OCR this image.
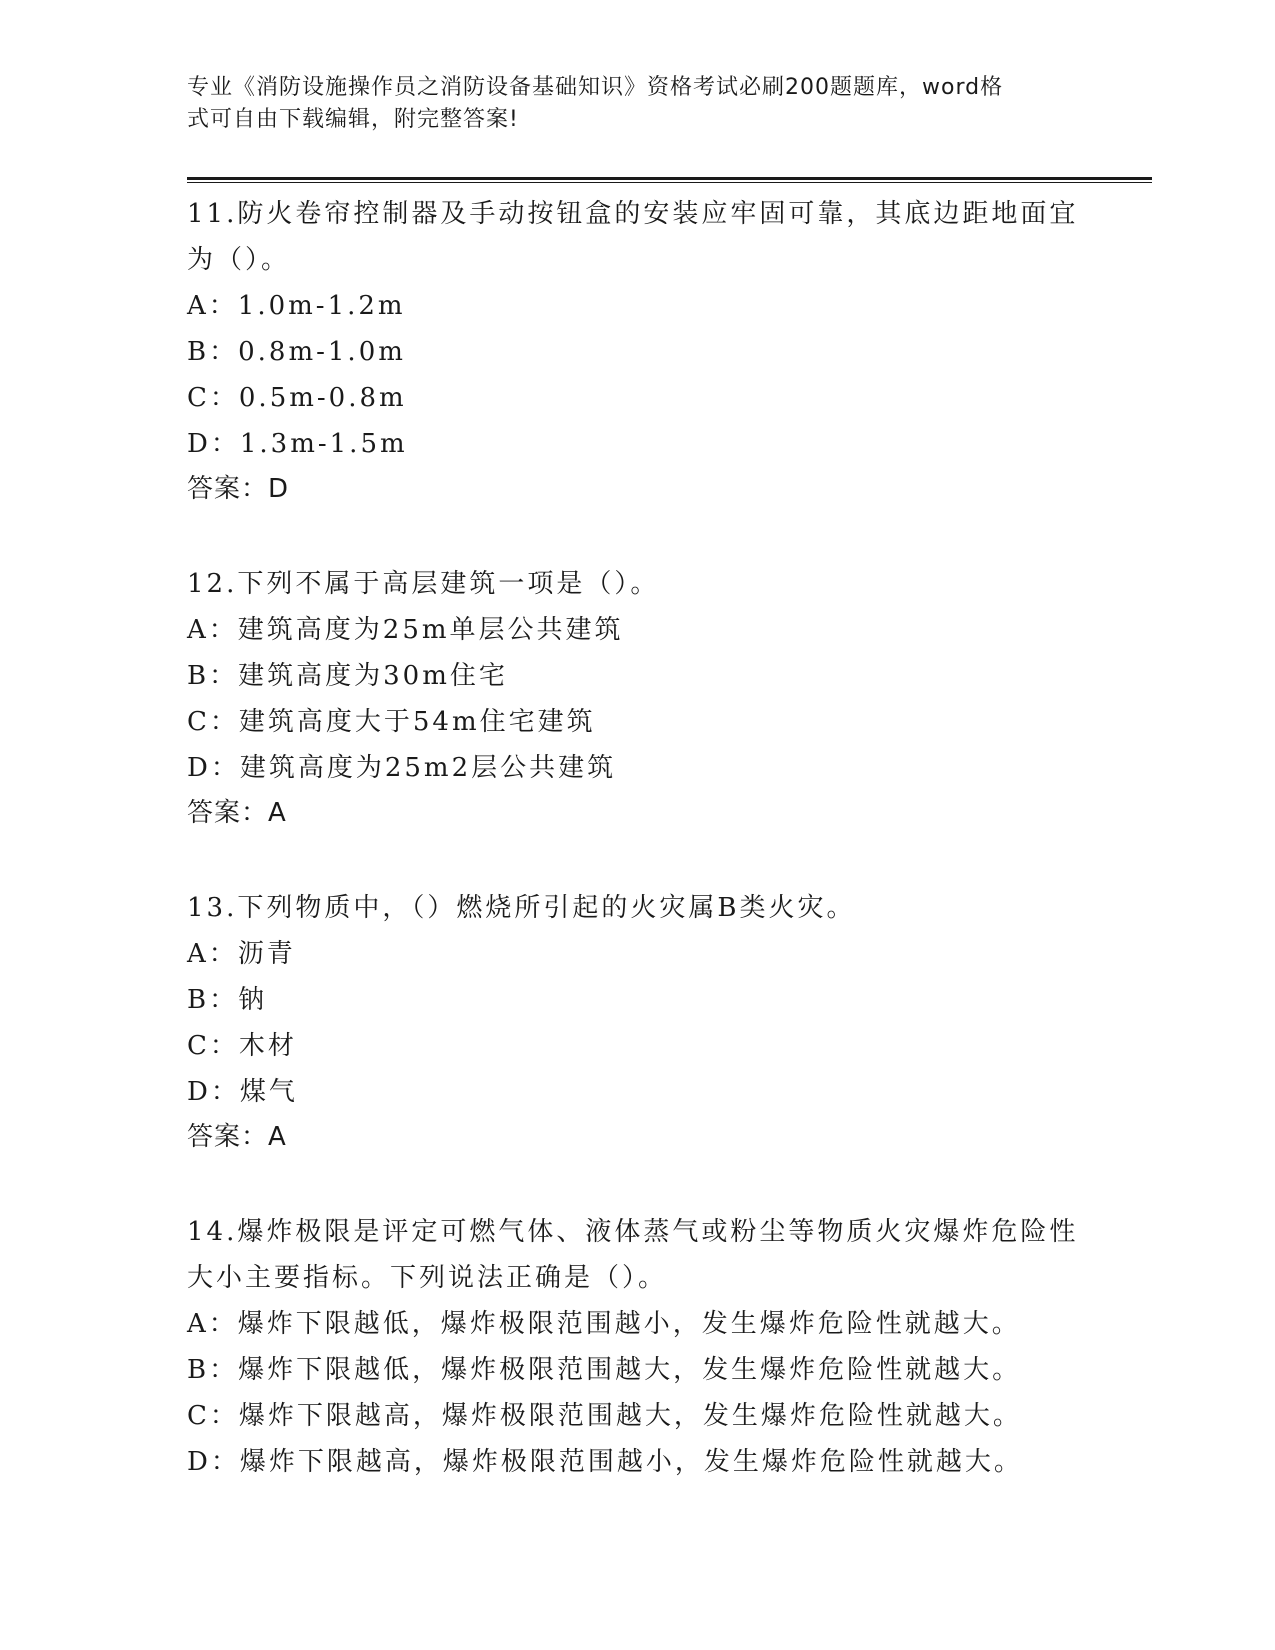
专业《消防设施操作员之消防设备基础知识》资格考试必刷200题题库，word格
式可自由下载编辑，附完整答案!
11.防火卷帘控制器及手动按钮盒的安装应牢固可靠，其底边距地面宜
为（）。
A：1.0m-1.2m
B：0.8m-1.0m
C：0.5m-0.8m
D：1.3m-1.5m
答案：D
12.下列不属于高层建筑一项是（）。
A：建筑高度为25m单层公共建筑
B：建筑高度为30m住宅
C：建筑高度大于54m住宅建筑
D：建筑高度为25m2层公共建筑
答案：A
13.下列物质中，（）燃烧所引起的火灾属B类火灾。
A：沥青
B：钠
C：木材
D：煤气
答案：A
14.爆炸极限是评定可燃气体、液体蒸气或粉尘等物质火灾爆炸危险性
大小主要指标。下列说法正确是（）。
A：爆炸下限越低，爆炸极限范围越小，发生爆炸危险性就越大。
B：爆炸下限越低，爆炸极限范围越大，发生爆炸危险性就越大。
C：爆炸下限越高，爆炸极限范围越大，发生爆炸危险性就越大。
D：爆炸下限越高，爆炸极限范围越小，发生爆炸危险性就越大。
